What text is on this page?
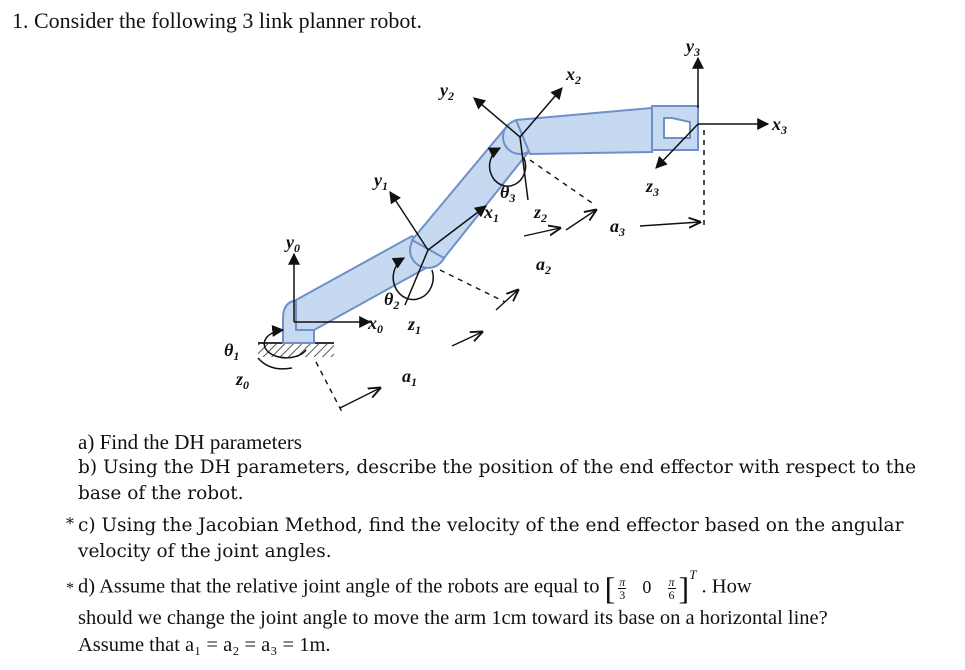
1. Consider the following 3 link planner robot.
$\theta_1$
$z_0$
$y_0$
$x_0$
$\theta_2$
$z_1$
$a_1$
$y_1$
$x_1$
$\theta_3$
$z_2$
$a_2$
$y_2$
$x_2$
$a_3$
$z_3$
$y_3$
$x_3$

a) Find the DH parameters

b) Using the DH parameters, describe the position of the end effector with respect to the base of the robot.

* c) Using the Jacobian Method, find the velocity of the end effector based on the angular velocity of the joint angles.

* d) Assume that the relative joint angle of the robots are equal to [ $\frac{\pi}{3} 0 \frac{\pi}{6} ]^T$ . How
should we change the joint angle to move the arm 1cm toward its base on a horizontal line?
Assume that a₁ = a₂ = a₃ = 1m.
